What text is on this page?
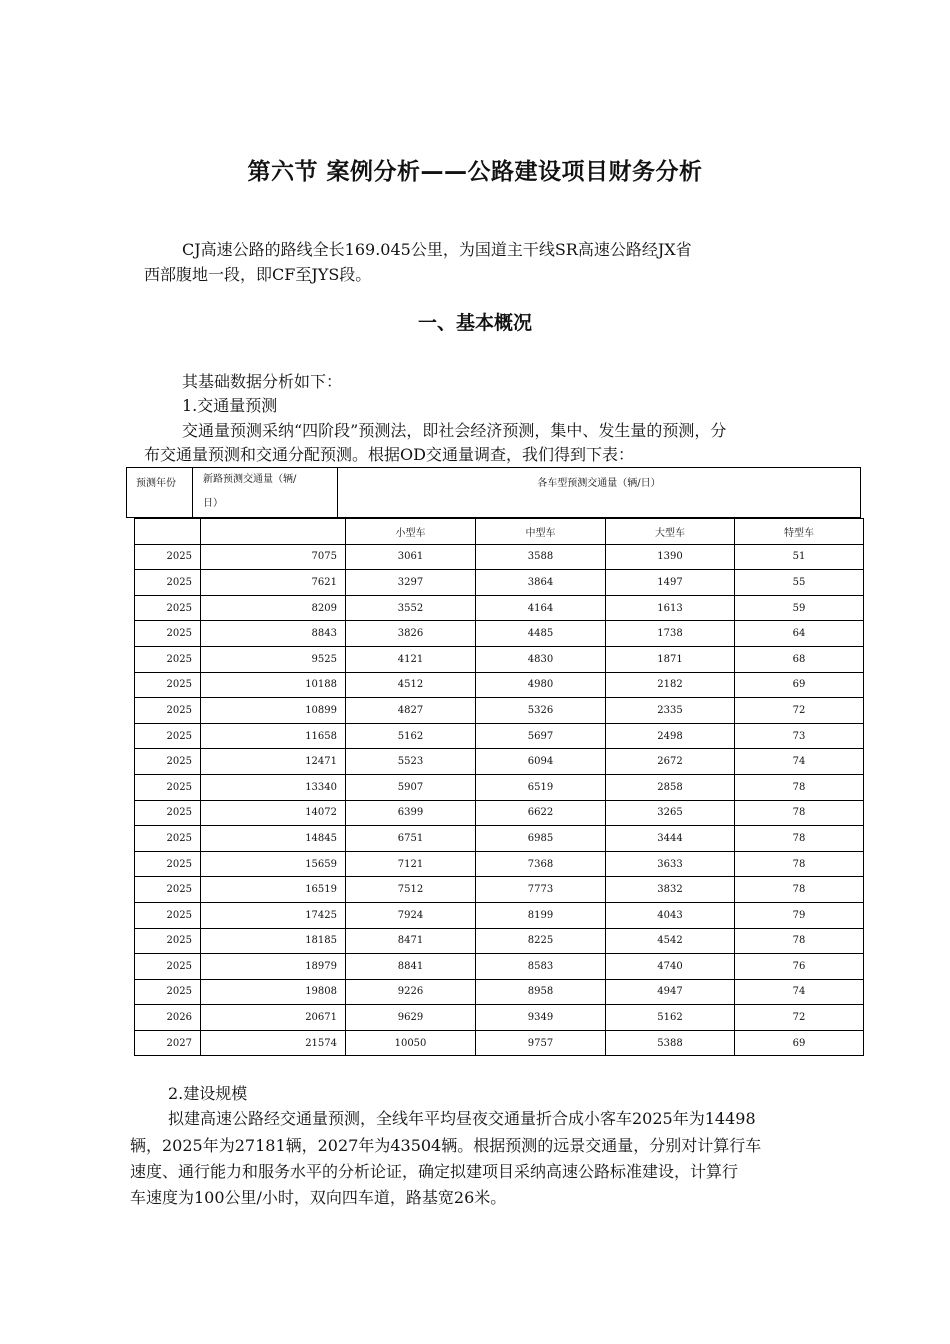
第六节 案例分析——公路建设项目财务分析
CJ高速公路的路线全长169.045公里，为国道主干线SR高速公路经JX省
西部腹地一段，即CF至JYS段。
一、基本概况
其基础数据分析如下：
1.交通量预测
交通量预测采纳“四阶段”预测法，即社会经济预测，集中、发生量的预测，分
布交通量预测和交通分配预测。根据OD交通量调查，我们得到下表：
预测年份	新路预测交通量（辆/
日）
各车型预测交通量（辆/日）
		小型车	中型车	大型车	特型车
2025	7075	3061	3588	1390	51
2025	7621	3297	3864	1497	55
2025	8209	3552	4164	1613	59
2025	8843	3826	4485	1738	64
2025	9525	4121	4830	1871	68
2025	10188	4512	4980	2182	69
2025	10899	4827	5326	2335	72
2025	11658	5162	5697	2498	73
2025	12471	5523	6094	2672	74
2025	13340	5907	6519	2858	78
2025	14072	6399	6622	3265	78
2025	14845	6751	6985	3444	78
2025	15659	7121	7368	3633	78
2025	16519	7512	7773	3832	78
2025	17425	7924	8199	4043	79
2025	18185	8471	8225	4542	78
2025	18979	8841	8583	4740	76
2025	19808	9226	8958	4947	74
2026	20671	9629	9349	5162	72
2027	21574	10050	9757	5388	69
2.建设规模
拟建高速公路经交通量预测，全线年平均昼夜交通量折合成小客车2025年为14498
辆，2025年为27181辆，2027年为43504辆。根据预测的远景交通量，分别对计算行车
速度、通行能力和服务水平的分析论证，确定拟建项目采纳高速公路标准建设，计算行
车速度为100公里/小时，双向四车道，路基宽26米。
